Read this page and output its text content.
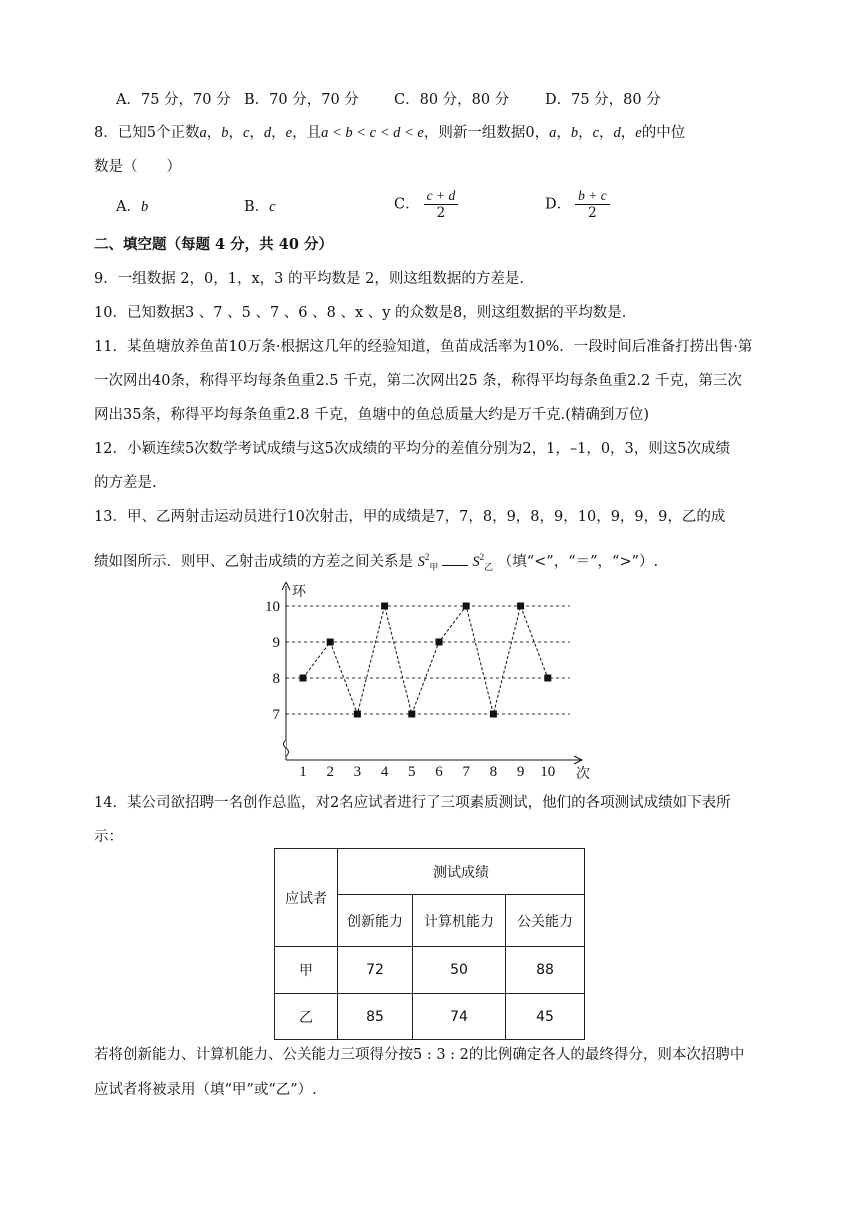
A．75 分，70 分 B．70 分，70 分 C．80 分，80 分 D．75 分，80 分
8．已知5个正数a，b，c，d，e，且a < b < c < d < e，则新一组数据0，a，b，c，d，e的中位
数是（　　）
A．b	B．c	C． $\frac{c + d}{2}$	D． $\frac{b + c}{2}$
二、填空题（每题 4 分，共 40 分）
9．一组数据 2，0，1，x，3 的平均数是 2，则这组数据的方差是.
10．已知数据3 、7 、5 、7 、6 、8 、x 、y 的众数是8，则这组数据的平均数是.
11．某鱼塘放养鱼苗10万条·根据这几年的经验知道，鱼苗成活率为10%．一段时间后准备打捞出售·第
一次网出40条，称得平均每条鱼重2.5 千克，第二次网出25 条，称得平均每条鱼重2.2 千克，第三次
网出35条，称得平均每条鱼重2.8 千克，鱼塘中的鱼总质量大约是万千克.(精确到万位)
12．小颖连续5次数学考试成绩与这5次成绩的平均分的差值分别为2，1，–1，0，3，则这5次成绩
的方差是.
13．甲、乙两射击运动员进行10次射击，甲的成绩是7，7，8，9，8，9，10，9，9，9，乙的成
绩如图所示．则甲、乙射击成绩的方差之间关系是 $S^2_甲$ $S^2_乙$ （填“<”，“＝”，“>”）.
7
8
9
10
环
次
1 2 3 4 5 6 7 8 9 10
14．某公司欲招聘一名创作总监，对2名应试者进行了三项素质测试，他们的各项测试成绩如下表所
示：
应试者	测试成绩		
	创新能力	计算机能力	公关能力
甲	72	50	88
乙	85	74	45
若将创新能力、计算机能力、公关能力三项得分按5 : 3 : 2的比例确定各人的最终得分，则本次招聘中
应试者将被录用（填“甲”或“乙”）.
